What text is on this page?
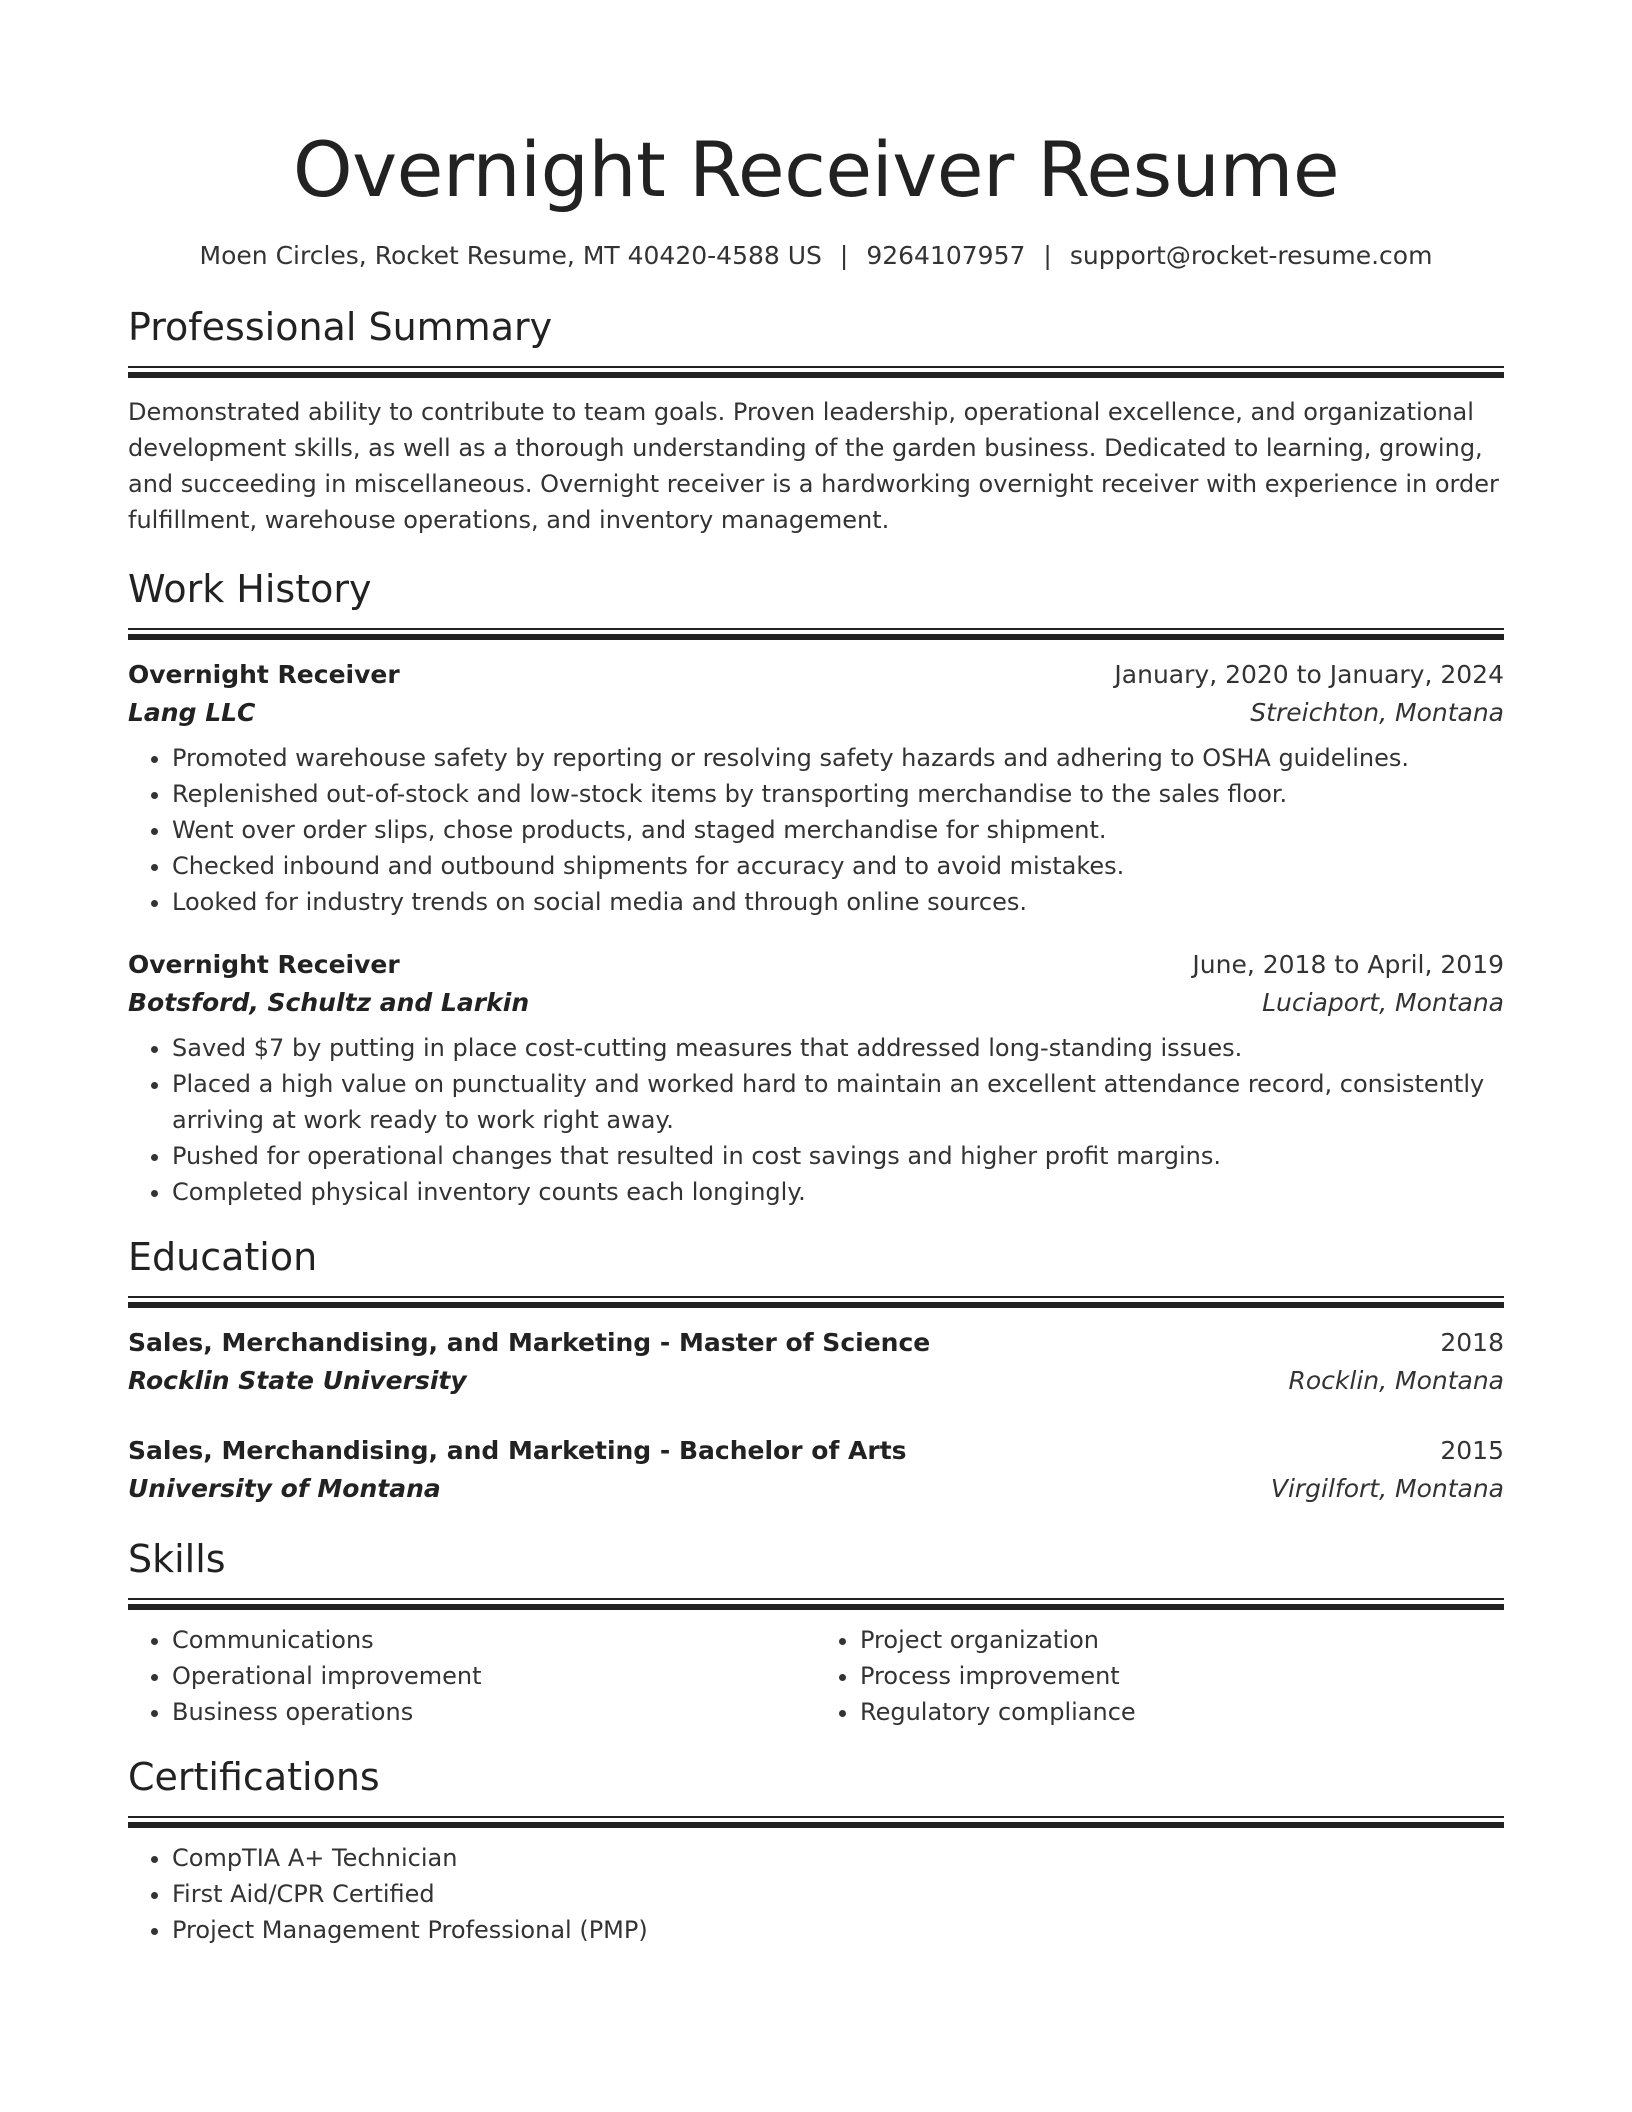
Overnight Receiver Resume
Moen Circles, Rocket Resume, MT 40420-4588 US | 9264107957 | support@rocket-resume.com
Professional Summary
Demonstrated ability to contribute to team goals. Proven leadership, operational excellence, and organizational development skills, as well as a thorough understanding of the garden business. Dedicated to learning, growing, and succeeding in miscellaneous. Overnight receiver is a hardworking overnight receiver with experience in order fulfillment, warehouse operations, and inventory management.
Work History
Overnight Receiver	January, 2020 to January, 2024
Lang LLC	Streichton, Montana
• Promoted warehouse safety by reporting or resolving safety hazards and adhering to OSHA guidelines.
• Replenished out-of-stock and low-stock items by transporting merchandise to the sales floor.
• Went over order slips, chose products, and staged merchandise for shipment.
• Checked inbound and outbound shipments for accuracy and to avoid mistakes.
• Looked for industry trends on social media and through online sources.
Overnight Receiver	June, 2018 to April, 2019
Botsford, Schultz and Larkin	Luciaport, Montana
• Saved $7 by putting in place cost-cutting measures that addressed long-standing issues.
• Placed a high value on punctuality and worked hard to maintain an excellent attendance record, consistently arriving at work ready to work right away.
• Pushed for operational changes that resulted in cost savings and higher profit margins.
• Completed physical inventory counts each longingly.
Education
Sales, Merchandising, and Marketing - Master of Science	2018
Rocklin State University	Rocklin, Montana
Sales, Merchandising, and Marketing - Bachelor of Arts	2015
University of Montana	Virgilfort, Montana
Skills
• Communications
• Operational improvement
• Business operations
• Project organization
• Process improvement
• Regulatory compliance
Certifications
• CompTIA A+ Technician
• First Aid/CPR Certified
• Project Management Professional (PMP)
